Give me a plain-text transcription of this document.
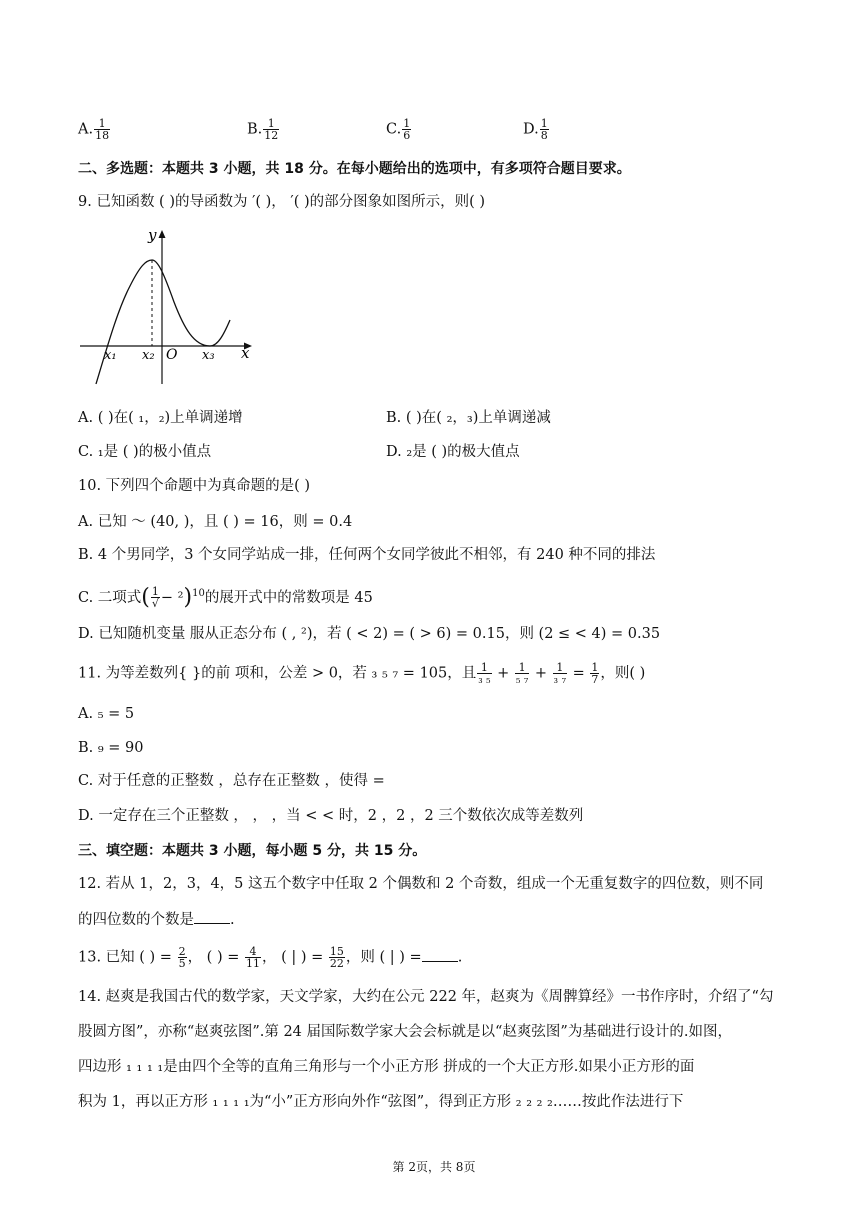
A. $\frac{1}{18}$	B. $\frac{1}{12}$	C. $\frac{1}{6}$	D. $\frac{1}{8}$
二、多选题：本题共 3 小题，共 18 分。在每小题给出的选项中，有多项符合题目要求。
9. 已知函数 ( )的导函数为 ′( )， ′( )的部分图象如图所示，则( )
y
x
O
x₁ x₂	x₃
A. ( )在( ₁，₂)上单调递增	B. ( )在( ₂，₃)上单调递减
C. ₁是 ( )的极小值点	D. ₂是 ( )的极大值点
10. 下列四个命题中为真命题的是( )
A. 已知 ～ (40, )，且 ( ) = 16，则 = 0.4
B. 4 个男同学，3 个女同学站成一排，任何两个女同学彼此不相邻，有 240 种不同的排法
C. 二项式( $\frac{1}{√} - ^2)^{10}$的展开式中的常数项是 45
D. 已知随机变量 服从正态分布 ( , ²)，若 ( < 2) = ( > 6) = 0.15，则 (2 ≤ < 4) = 0.35
11. 为等差数列{ }的前 项和，公差 > 0，若 ₃ ₅ ₇ = 105，且 $\frac{1}{\text{₃ ₅}} + \frac{1}{\text{₅ ₇}} + \frac{1}{\text{₃ ₇}} = \frac{1}{7}$ ，则( )
A. ₅ = 5
B. ₉ = 90
C. 对于任意的正整数 ，总存在正整数 ，使得 =
D. 一定存在三个正整数 ， ， ，当 < < 时，2 ，2 ，2 三个数依次成等差数列
三、填空题：本题共 3 小题，每小题 5 分，共 15 分。
12. 若从 1，2，3，4，5 这五个数字中任取 2 个偶数和 2 个奇数，组成一个无重复数字的四位数，则不同
的四位数的个数是 .
13. 已知 ( ) = $\frac{2}{5}$ ， ( ) = $\frac{4}{11}$ ， ( | ) = $\frac{15}{22}$ ，则 ( | ) = .
14. 赵爽是我国古代的数学家，天文学家，大约在公元 222 年，赵爽为《周髀算经》一书作序时，介绍了“勾
股圆方图”，亦称“赵爽弦图”.第 24 届国际数学家大会会标就是以“赵爽弦图”为基础进行设计的.如图，
四边形 ₁ ₁ ₁ ₁是由四个全等的直角三角形与一个小正方形 拼成的一个大正方形.如果小正方形的面
积为 1，再以正方形 ₁ ₁ ₁ ₁为“小”正方形向外作“弦图”，得到正方形 ₂ ₂ ₂ ₂……按此作法进行下
第 2页，共 8页
